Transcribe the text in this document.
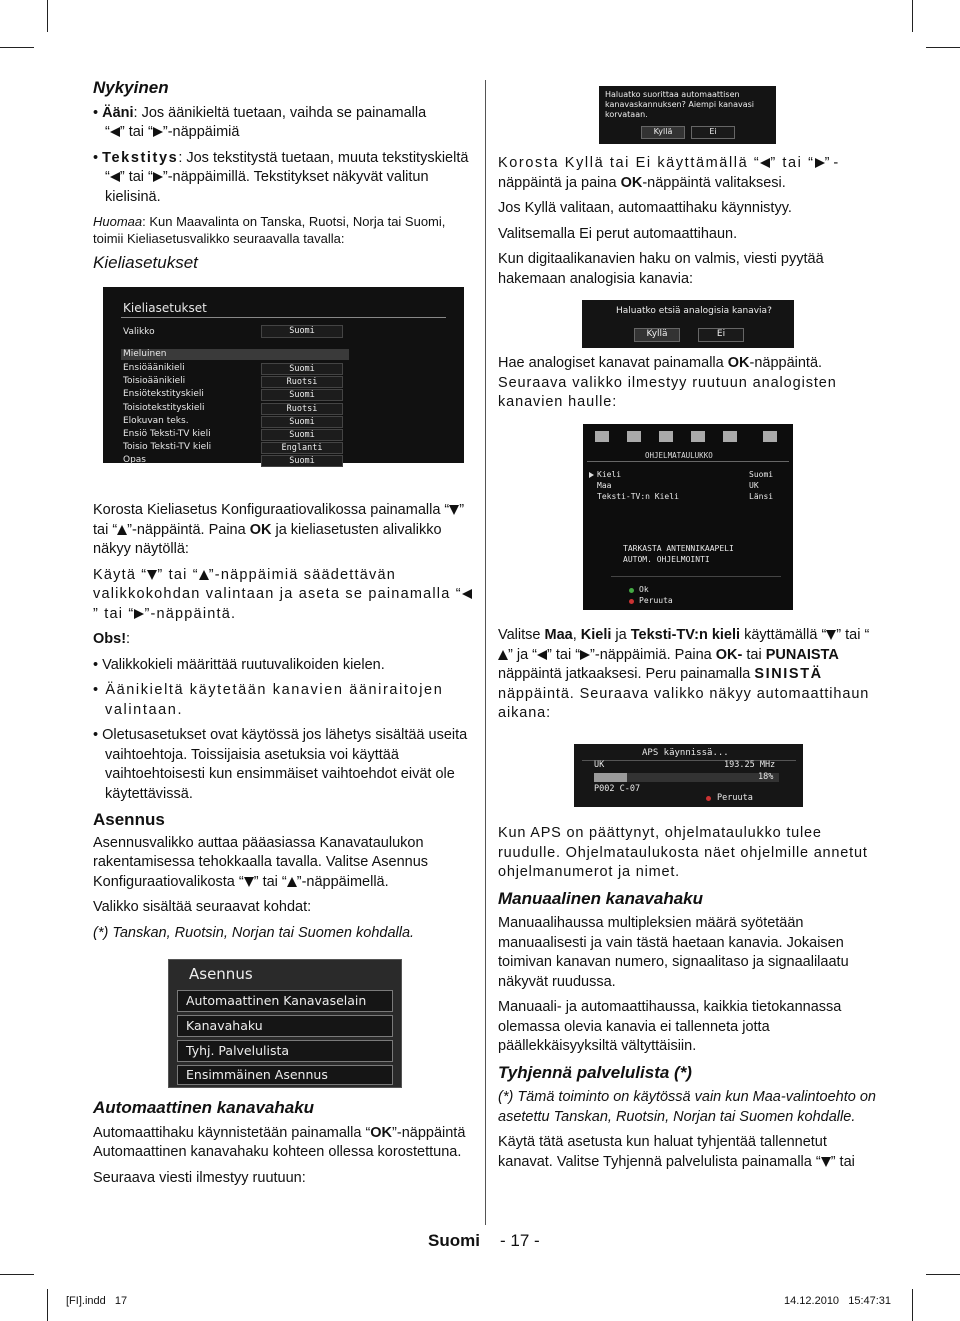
Nykyinen

• Ääni: Jos äänikieltä tuetaan, vaihda se painamalla
“ ” tai “ ”-näppäimiä

• Tekstitys: Jos tekstitystä tuetaan, muuta tekstityskieltä “ ” tai “ ”-näppäimillä. Tekstitykset näkyvät valitun kielisinä.

Huomaa: Kun Maavalinta on Tanska, Ruotsi, Norja tai Suomi, toimii Kieliasetusvalikko seuraavalla tavalla:

Kieliasetukset
Kieliasetukset
Valikko	Suomi
Mieluinen
Ensiöäänikieli	Suomi
Toisioäänikieli	Ruotsi
Ensiötekstityskieli	Suomi
Toisiotekstityskieli	Ruotsi
Elokuvan teks.	Suomi
Ensiö Teksti-TV kieli	Suomi
Toisio Teksti-TV kieli	Englanti
Opas	Suomi

Korosta Kieliasetus Konfiguraatiovalikossa painamalla “ ” tai “ ”-näppäintä. Paina OK ja kieliasetusten alivalikko näkyy näytöllä:

Käytä “ ” tai “ ”-näppäimiä säädettävän valikkokohdan valintaan ja aseta se painamalla “” tai “ ”-näppäintä.

Obs!:

• Valikkokieli määrittää ruutuvalikoiden kielen.

• Äänikieltä käytetään kanavien ääniraitojen valintaan.

• Oletusasetukset ovat käytössä jos lähetys sisältää useita vaihtoehtoja. Toissijaisia asetuksia voi käyttää vaihtoehtoisesti kun ensimmäiset vaihtoehdot eivät ole käytettävissä.

Asennus

Asennusvalikko auttaa pääasiassa Kanavataulukon rakentamisessa tehokkaalla tavalla. Valitse Asennus Konfiguraatiovalikosta “ ” tai “ ”-näppäimellä.

Valikko sisältää seuraavat kohdat:

(*) Tanskan, Ruotsin, Norjan tai Suomen kohdalla.

Asennus
Automaattinen Kanavaselain
Kanavahaku
Tyhj. Palvelulista
Ensimmäinen Asennus
Automaattinen kanavahaku

Automaattihaku käynnistetään painamalla “OK”-näppäintä Automaattinen kanavahaku kohteen ollessa korostettuna.

Seuraava viesti ilmestyy ruutuun:

Haluatko suorittaa automaattisen kanavaskannuksen? Aiempi kanavasi korvataan.
Kyllä	Ei

Korosta Kyllä tai Ei käyttämällä “ ” tai “ ” -näppäintä ja paina OK-näppäintä valitaksesi.

Jos Kyllä valitaan, automaattihaku käynnistyy.

Valitsemalla Ei perut automaattihaun.

Kun digitaalikanavien haku on valmis, viesti pyytää hakemaan analogisia kanavia:

Haluatko etsiä analogisia kanavia?
Kyllä	Ei

Hae analogiset kanavat painamalla OK-näppäintä.

Seuraava valikko ilmestyy ruutuun analogisten kanavien haulle:

OHJELMATAULUKKO
Kieli	Suomi
Maa	UK
Teksti-TV:n Kieli	Länsi
TARKASTA ANTENNIKAAPELI
AUTOM. OHJELMOINTI
Ok
Peruuta

Valitse Maa, Kieli ja Teksti-TV:n kieli käyttämällä “ ” tai “” ja “ ” tai “ ”-näppäimiä. Paina OK- tai PUNAISTA näppäintä jatkaaksesi. Peru painamalla SINISTÄ näppäintä. Seuraava valikko näkyy automaattihaun aikana:

APS käynnissä...
UK	193.25 MHz
18%
P002 C-07
Peruuta

Kun APS on päättynyt, ohjelmataulukko tulee ruudulle. Ohjelmataulukosta näet ohjelmille annetut ohjelmanumerot ja nimet.

Manuaalinen kanavahaku

Manuaalihaussa multipleksien määrä syötetään manuaalisesti ja vain tästä haetaan kanavia. Jokaisen toimivan kanavan numero, signaalitaso ja signaalilaatu näkyvät ruudussa.

Manuaali- ja automaattihaussa, kaikkia tietokannassa olemassa olevia kanavia ei tallenneta jotta päällekkäisyyksiltä vältyttäisiin.

Tyhjennä palvelulista (*)

(*) Tämä toiminto on käytössä vain kun Maa-valintoehto on asetettu Tanskan, Ruotsin, Norjan tai Suomen kohdalle.

Käytä tätä asetusta kun haluat tyhjentää tallennetut kanavat. Valitse Tyhjennä palvelulista painamalla “ ” tai

Suomi - 17 -
[FI].indd   17	14.12.2010   15:47:31
